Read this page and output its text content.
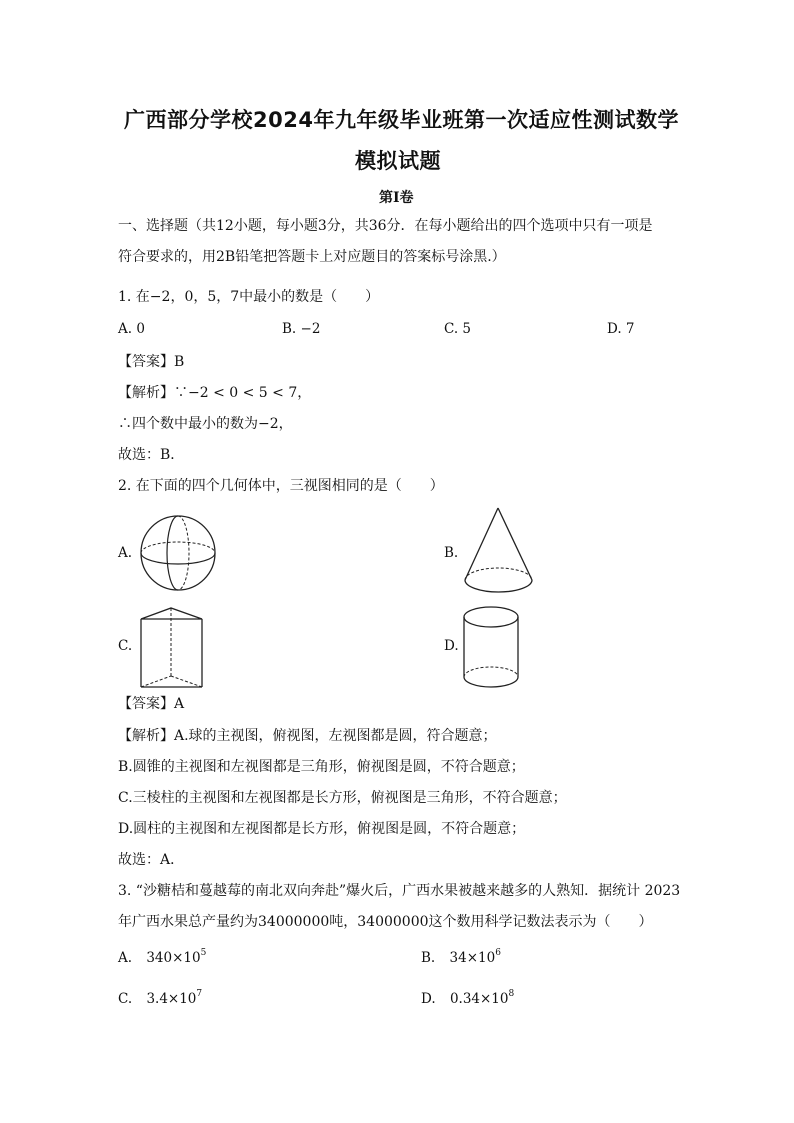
广西部分学校2024年九年级毕业班第一次适应性测试数学
模拟试题
第Ⅰ卷
一、选择题（共12小题，每小题3分，共36分．在每小题给出的四个选项中只有一项是
符合要求的，用2B铅笔把答题卡上对应题目的答案标号涂黑.）
1. 在−2，0，5，7中最小的数是（　　）
A. 0	B. −2	C. 5	D. 7
【答案】B
【解析】∵−2 < 0 < 5 < 7，
∴四个数中最小的数为−2，
故选：B．
2. 在下面的四个几何体中，三视图相同的是（　　）
A.	B.
C.	D.
【答案】A
【解析】A.球的主视图，俯视图，左视图都是圆，符合题意；
B.圆锥的主视图和左视图都是三角形，俯视图是圆，不符合题意；
C.三棱柱的主视图和左视图都是长方形，俯视图是三角形，不符合题意；
D.圆柱的主视图和左视图都是长方形，俯视图是圆，不符合题意；
故选：A．
3. “沙糖桔和蔓越莓的南北双向奔赴”爆火后，广西水果被越来越多的人熟知．据统计 2023
年广西水果总产量约为34000000吨，34000000这个数用科学记数法表示为（　　）
A. $340\times 10^5$	B. $34\times 10^6$
C. $3.4\times 10^7$	D. $0.34\times 10^8$
